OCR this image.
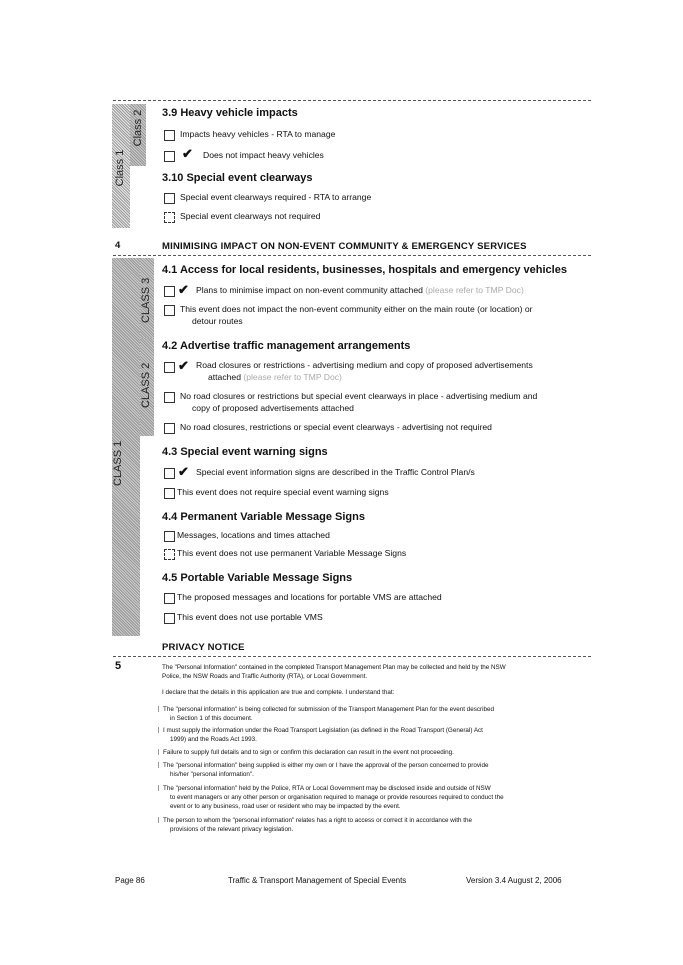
Class 1
Class 2 3.9 Heavy vehicle impacts
Impacts heavy vehicles - RTA to manage
✔ Does not impact heavy vehicles
3.10 Special event clearways
Special event clearways required - RTA to arrange
Special event clearways not required
4	MINIMISING IMPACT ON NON-EVENT COMMUNITY & EMERGENCY SERVICES
CLASS 1
CLASS 2
CLASS 3
4.1 Access for local residents, businesses, hospitals and emergency vehicles
✔ Plans to minimise impact on non-event community attached (please refer to TMP Doc)
This event does not impact the non-event community either on the main route (or location) or
detour routes
4.2 Advertise traffic management arrangements
✔ Road closures or restrictions - advertising medium and copy of proposed advertisements
attached (please refer to TMP Doc)
No road closures or restrictions but special event clearways in place - advertising medium and
copy of proposed advertisements attached
No road closures, restrictions or special event clearways - advertising not required
4.3 Special event warning signs
✔ Special event information signs are described in the Traffic Control Plan/s
This event does not require special event warning signs
4.4 Permanent Variable Message Signs
Messages, locations and times attached
This event does not use permanent Variable Message Signs
4.5 Portable Variable Message Signs
The proposed messages and locations for portable VMS are attached
This event does not use portable VMS
PRIVACY NOTICE
5	The "Personal Information" contained in the completed Transport Management Plan may be collected and held by the NSW
Police, the NSW Roads and Traffic Authority (RTA), or Local Government.
I declare that the details in this application are true and complete. I understand that:
The "personal information" is being collected for submission of the Transport Management Plan for the event described
in Section 1 of this document.
I must supply the information under the Road Transport Legislation (as defined in the Road Transport (General) Act
1999) and the Roads Act 1993.
Failure to supply full details and to sign or confirm this declaration can result in the event not proceeding.
The "personal information" being supplied is either my own or I have the approval of the person concerned to provide
his/her "personal information".
The "personal information" held by the Police, RTA or Local Government may be disclosed inside and outside of NSW
to event managers or any other person or organisation required to manage or provide resources required to conduct the
event or to any business, road user or resident who may be impacted by the event.
The person to whom the "personal information" relates has a right to access or correct it in accordance with the
provisions of the relevant privacy legislation.
Page 86	Traffic & Transport Management of Special Events	Version 3.4 August 2, 2006
